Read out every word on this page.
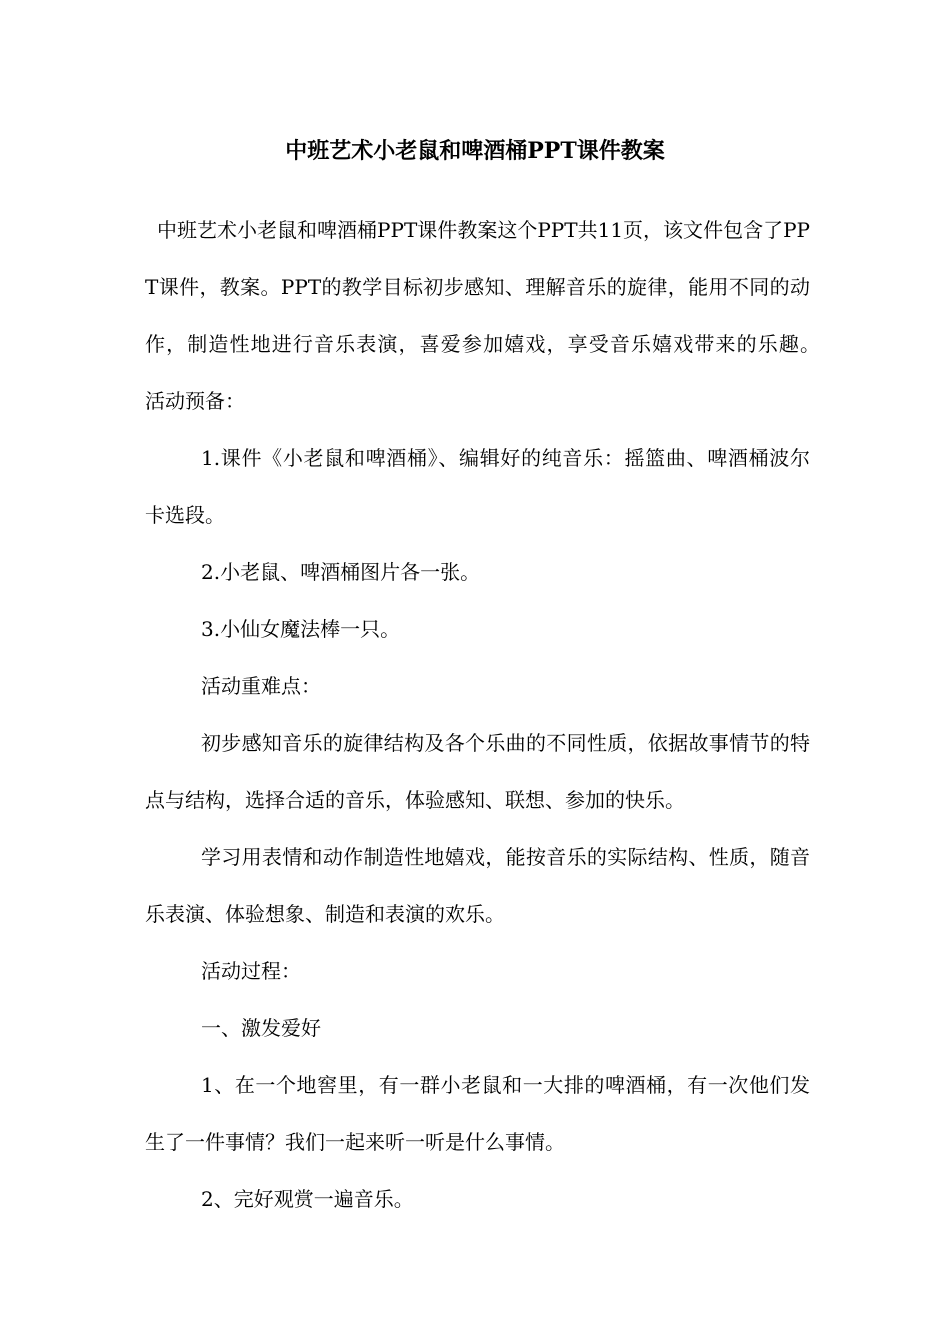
中班艺术小老鼠和啤酒桶PPT课件教案

中班艺术小老鼠和啤酒桶PPT课件教案这个PPT共11页，该文件包含了PPT课件，教案。PPT的教学目标初步感知、理解音乐的旋律，能用不同的动作，制造性地进行音乐表演，喜爱参加嬉戏，享受音乐嬉戏带来的乐趣。　　活动预备：

1.课件《小老鼠和啤酒桶》、编辑好的纯音乐：摇篮曲、啤酒桶波尔卡选段。

2.小老鼠、啤酒桶图片各一张。

3.小仙女魔法棒一只。

活动重难点：

初步感知音乐的旋律结构及各个乐曲的不同性质，依据故事情节的特点与结构，选择合适的音乐，体验感知、联想、参加的快乐。

学习用表情和动作制造性地嬉戏，能按音乐的实际结构、性质，随音乐表演、体验想象、制造和表演的欢乐。

活动过程：

一、激发爱好

1、在一个地窖里，有一群小老鼠和一大排的啤酒桶，有一次他们发生了一件事情？我们一起来听一听是什么事情。

2、完好观赏一遍音乐。
